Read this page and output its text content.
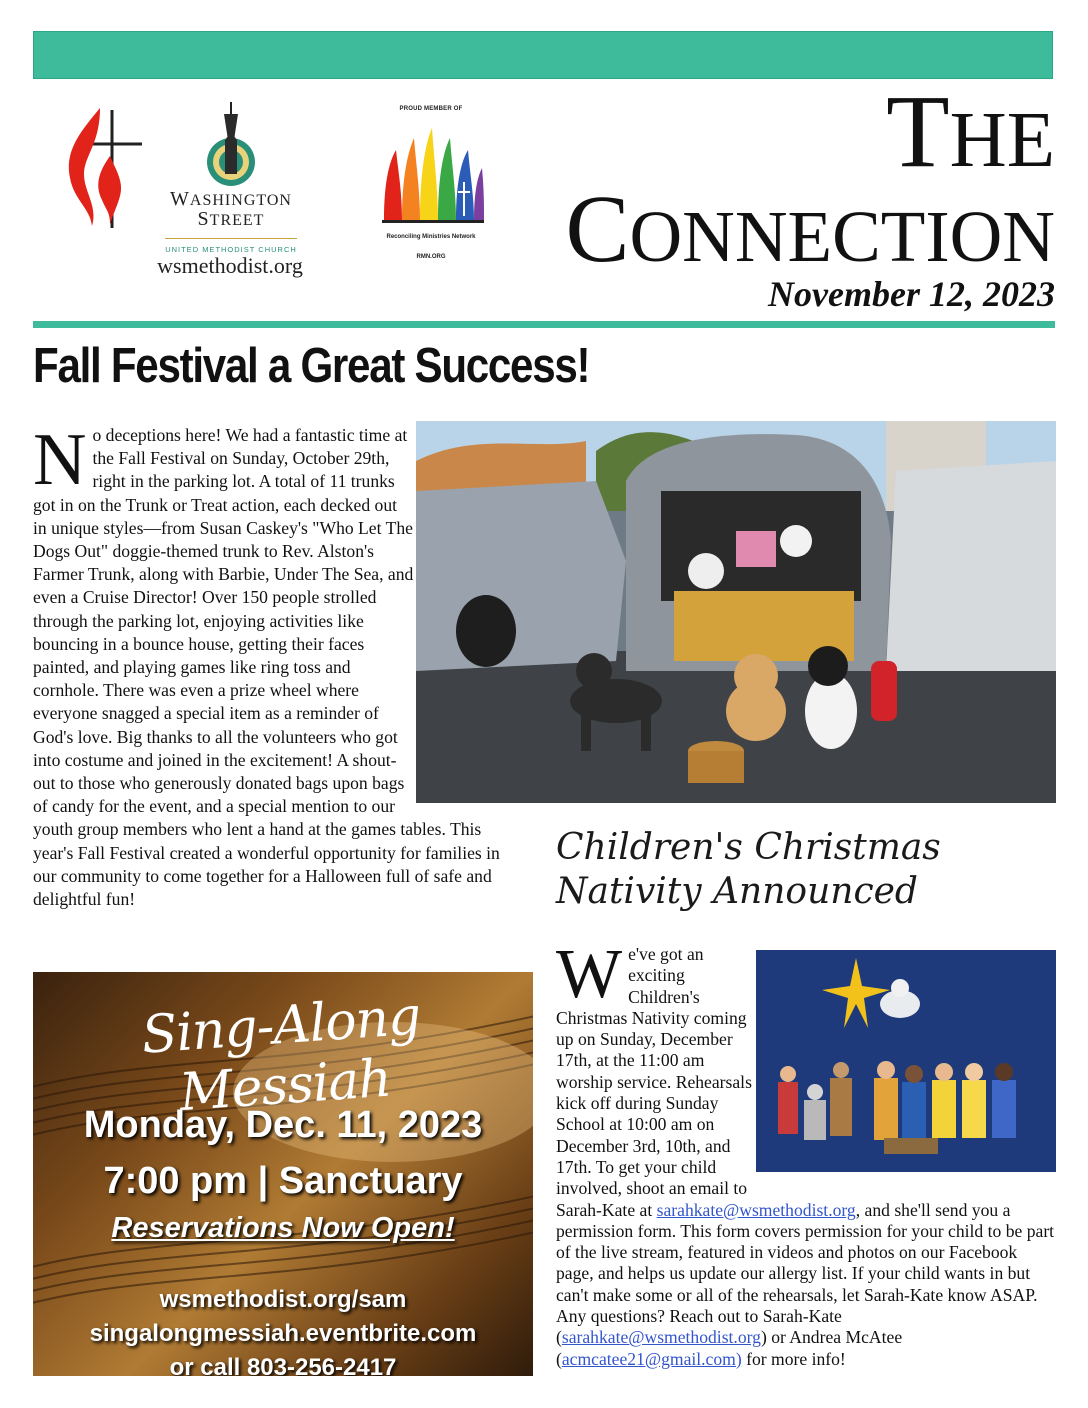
WASHINGTON
STREET
UNITED METHODIST CHURCH
wsmethodist.org
PROUD MEMBER OF
Reconciling Ministries Network
RMN.ORG
THE
CONNECTION
November 12, 2023
Fall Festival a Great Success!
N o deceptions here! We had a fantastic time at the Fall Festival on Sunday, October 29th, right in the parking lot. A total of 11 trunks got in on the Trunk or Treat action, each decked out in unique styles—from Susan Caskey's "Who Let The Dogs Out" doggie-themed trunk to Rev. Alston's Farmer Trunk, along with Barbie, Under The Sea, and even a Cruise Director! Over 150 people strolled through the parking lot, enjoying activities like bouncing in a bounce house, getting their faces painted, and playing games like ring toss and cornhole. There was even a prize wheel where everyone snagged a special item as a reminder of God's love. Big thanks to all the volunteers who got into costume and joined in the excitement! A shout-out to those who generously donated bags upon bags of candy for the event, and a special mention to our youth group members who lent a hand at the games tables. This year's Fall Festival created a wonderful opportunity for families in our community to come together for a Halloween full of safe and delightful fun!
Children's Christmas
Nativity Announced
W e've got an exciting Children's Christmas Nativity coming up on Sunday, December 17th, at the 11:00 am worship service. Rehearsals kick off during Sunday School at 10:00 am on December 3rd, 10th, and 17th. To get your child involved, shoot an email to Sarah-Kate at sarahkate@wsmethodist.org, and she'll send you a permission form. This form covers permission for your child to be part of the live stream, featured in videos and photos on our Facebook page, and helps us update our allergy list. If your child wants in but can't make some or all of the rehearsals, let Sarah-Kate know ASAP. Any questions? Reach out to Sarah-Kate (sarahkate@wsmethodist.org) or Andrea McAtee (acmcatee21@gmail.com) for more info!
Sing-Along Messiah
Monday, Dec. 11, 2023
7:00 pm | Sanctuary
Reservations Now Open!
wsmethodist.org/sam
singalongmessiah.eventbrite.com
or call 803-256-2417
